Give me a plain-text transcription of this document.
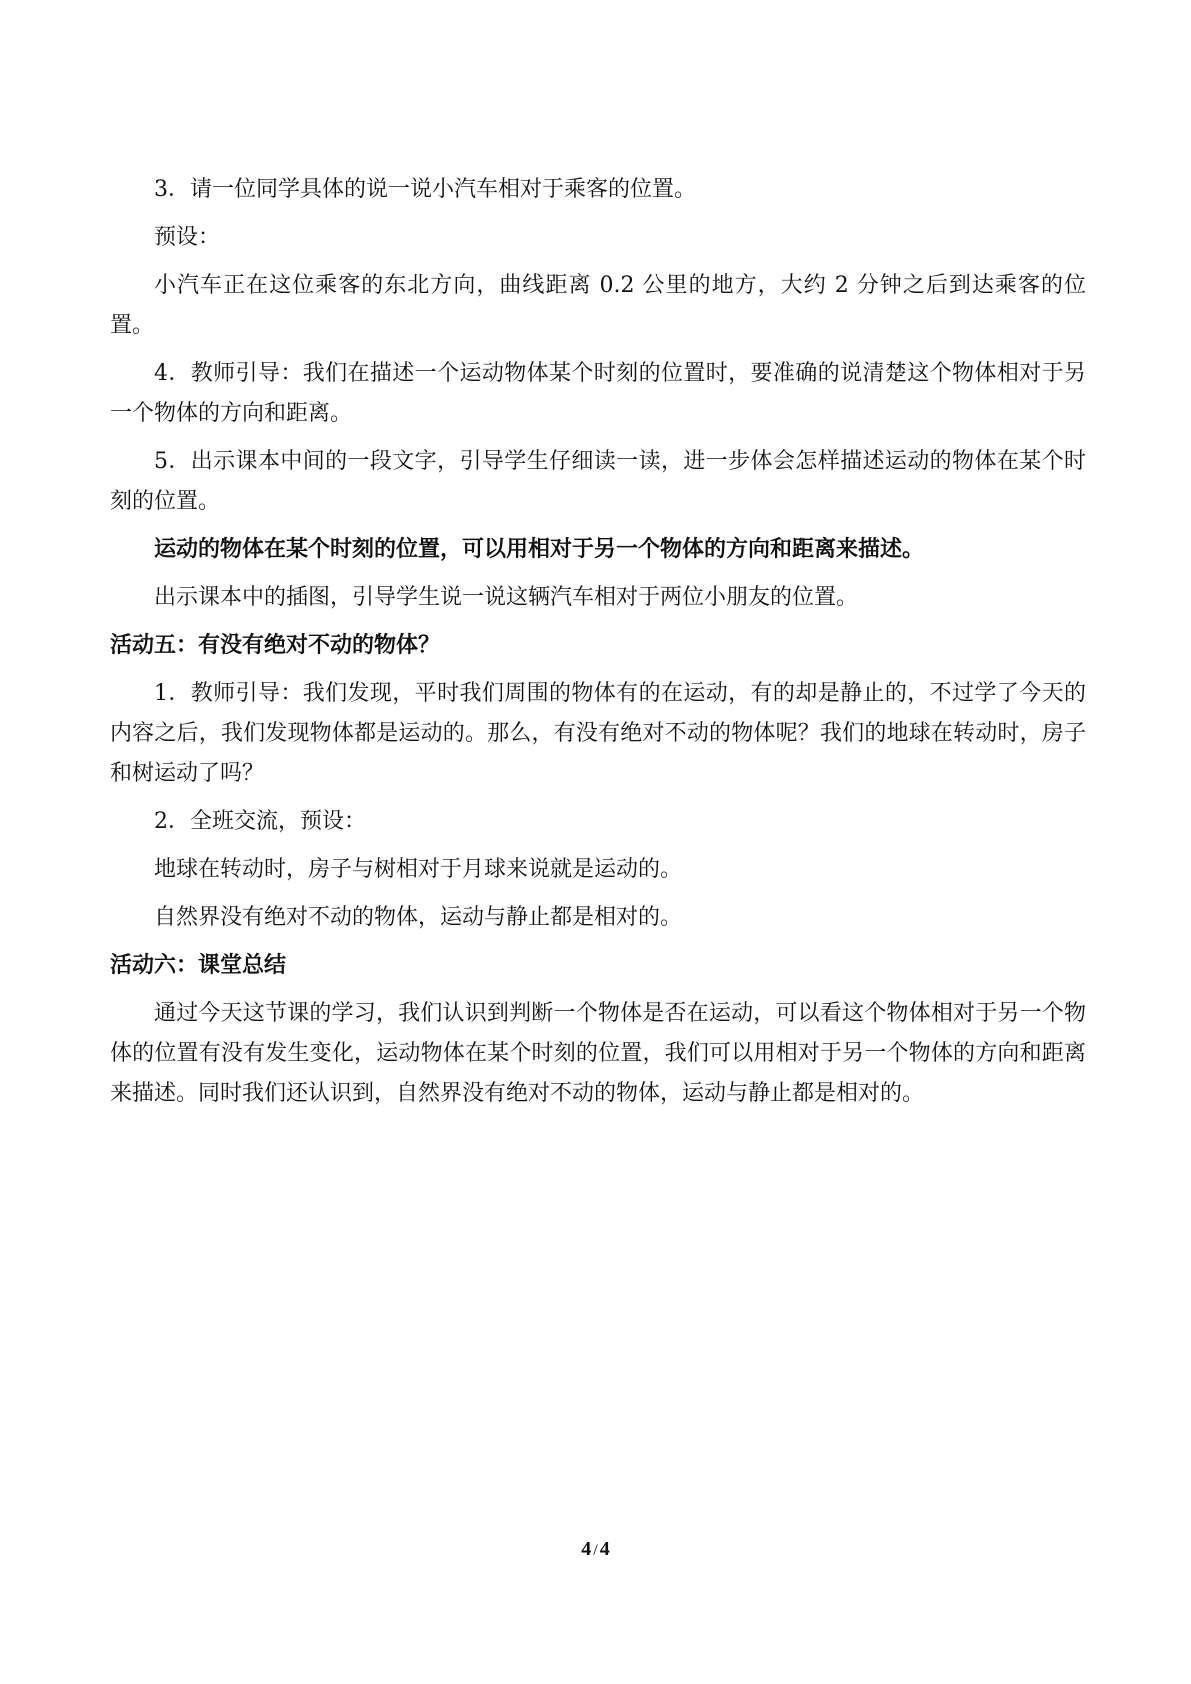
3．请一位同学具体的说一说小汽车相对于乘客的位置。

预设：

小汽车正在这位乘客的东北方向，曲线距离 0.2 公里的地方，大约 2 分钟之后到达乘客的位置。

4．教师引导：我们在描述一个运动物体某个时刻的位置时，要准确的说清楚这个物体相对于另一个物体的方向和距离。

5．出示课本中间的一段文字，引导学生仔细读一读，进一步体会怎样描述运动的物体在某个时刻的位置。

运动的物体在某个时刻的位置，可以用相对于另一个物体的方向和距离来描述。

出示课本中的插图，引导学生说一说这辆汽车相对于两位小朋友的位置。

活动五：有没有绝对不动的物体？

1．教师引导：我们发现，平时我们周围的物体有的在运动，有的却是静止的，不过学了今天的内容之后，我们发现物体都是运动的。那么，有没有绝对不动的物体呢？我们的地球在转动时，房子和树运动了吗？

2．全班交流，预设：

地球在转动时，房子与树相对于月球来说就是运动的。

自然界没有绝对不动的物体，运动与静止都是相对的。

活动六：课堂总结

通过今天这节课的学习，我们认识到判断一个物体是否在运动，可以看这个物体相对于另一个物体的位置有没有发生变化，运动物体在某个时刻的位置，我们可以用相对于另一个物体的方向和距离来描述。同时我们还认识到，自然界没有绝对不动的物体，运动与静止都是相对的。

4 / 4
